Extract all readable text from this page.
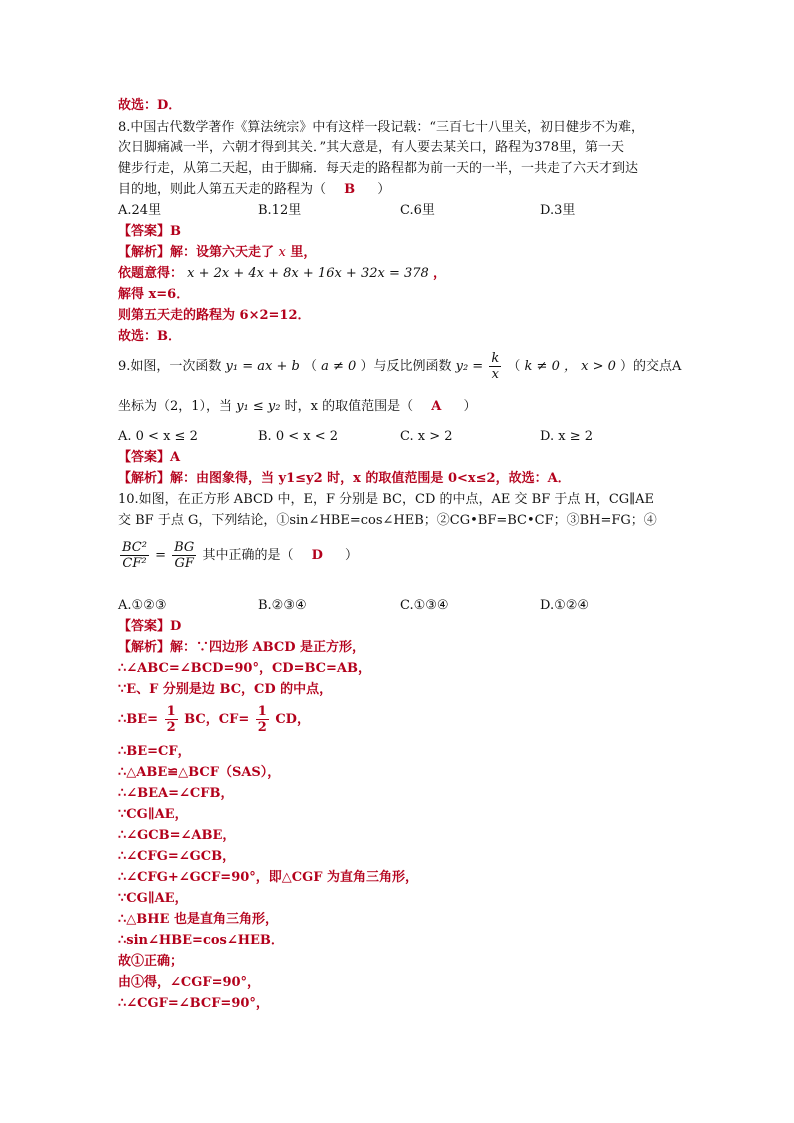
故选：D．
8.中国古代数学著作《算法统宗》中有这样一段记载：“三百七十八里关，初日健步不为难，
次日脚痛减一半，六朝才得到其关．”其大意是，有人要去某关口，路程为378里，第一天
健步行走，从第二天起，由于脚痛．每天走的路程都为前一天的一半，一共走了六天才到达
目的地，则此人第五天走的路程为（ B ）
A.24里	B.12里	C.6里	D.3里
【答案】B
【解析】解：设第六天走了 x 里，
依题意得： x + 2x + 4x + 8x + 16x + 32x = 378 ，
解得 x=6．
则第五天走的路程为 6×2=12．
故选：B．
9.如图，一次函数 y₁ = ax + b （ a ≠ 0 ）与反比例函数 $y_2 = \frac{k}{x}$ （ k ≠ 0 ， x > 0 ）的交点A
坐标为（2，1），当 y₁ ≤ y₂ 时，x 的取值范围是（ A ）
A. 0 < x ≤ 2	B. 0 < x < 2	C. x > 2	D. x ≥ 2
【答案】A
【解析】解：由图象得，当 y1≤y2 时，x 的取值范围是 0<x≤2，故选：A．
10.如图，在正方形 ABCD 中，E，F 分别是 BC，CD 的中点，AE 交 BF 于点 H，CG∥AE
交 BF 于点 G，下列结论，①sin∠HBE=cos∠HEB；②CG•BF=BC•CF；③BH=FG；④
$\frac{\text{BC²}}{\text{CF²}} = \frac{BG}{GF}$ 其中正确的是（ D ）
A.①②③	B.②③④	C.①③④	D.①②④
【答案】D
【解析】解：∵四边形 ABCD 是正方形，
∴∠ABC=∠BCD=90°，CD=BC=AB，
∵E、F 分别是边 BC，CD 的中点，
∴BE= $\frac{1}{2}$ BC，$CF= \frac{1}{2}$ CD，
∴BE=CF，
∴△ABE≌△BCF（SAS），
∴∠BEA=∠CFB，
∵CG∥AE，
∴∠GCB=∠ABE，
∴∠CFG=∠GCB，
∴∠CFG+∠GCF=90°，即△CGF 为直角三角形，
∵CG∥AE，
∴△BHE 也是直角三角形，
∴sin∠HBE=cos∠HEB．
故①正确；
由①得，∠CGF=90°，
∴∠CGF=∠BCF=90°，
